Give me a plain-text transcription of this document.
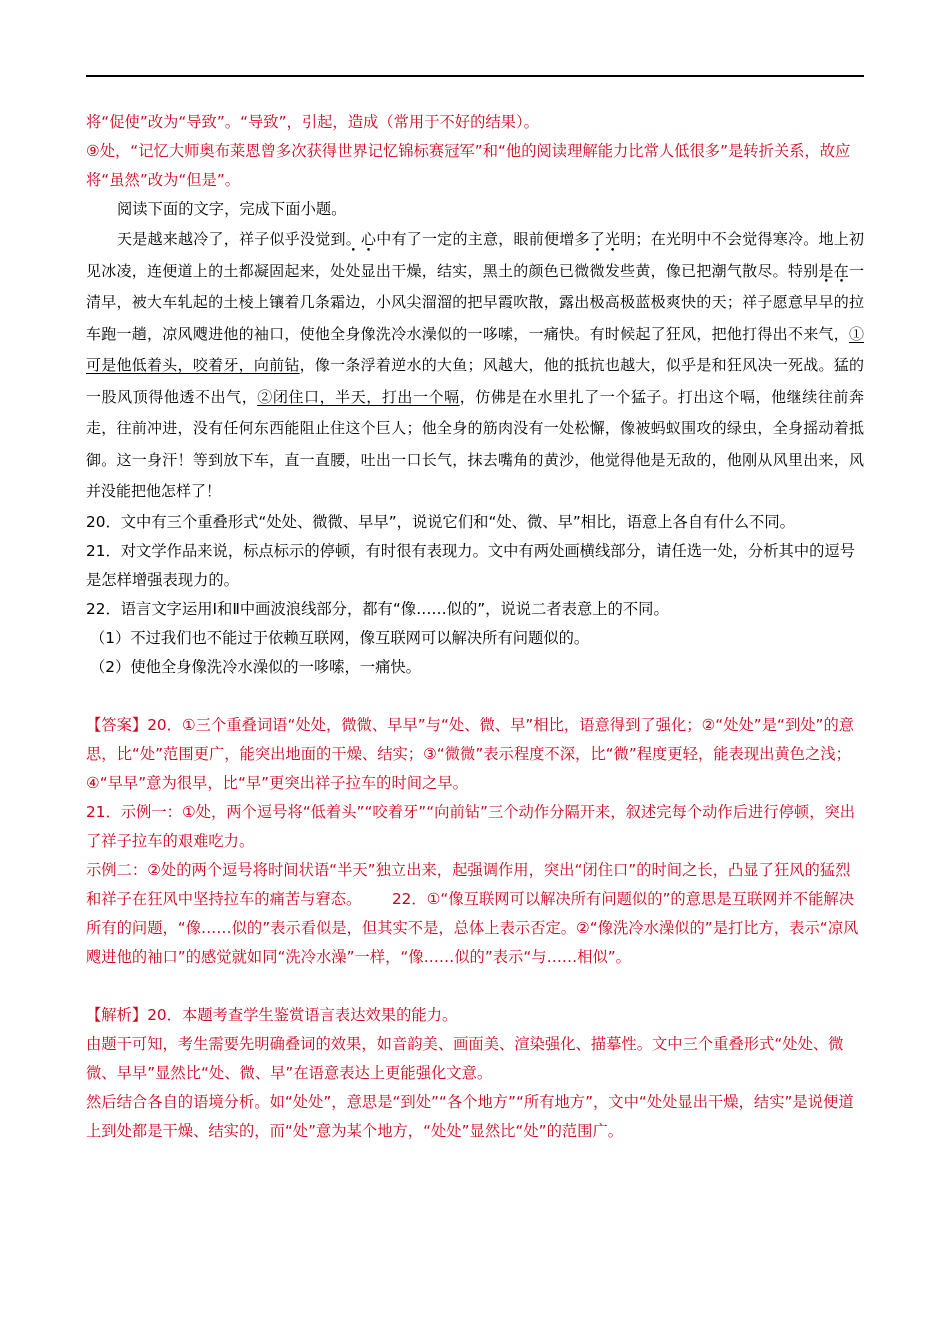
将“促使”改为“导致”。“导致”，引起，造成（常用于不好的结果）。

⑨处，“记忆大师奥布莱恩曾多次获得世界记忆锦标赛冠军”和“他的阅读理解能力比常人低很多”是转折关系，故应将“虽然”改为“但是”。

阅读下面的文字，完成下面小题。

天是越来越冷了，祥子似乎没觉到。心中有了一定的主意，眼前便增多了光明；在光明中不会觉得寒冷。地上初见冰凌，连便道上的土都凝固起来，处处显出干燥，结实，黑土的颜色已微微发些黄，像已把潮气散尽。特别是在一清早，被大车轧起的土棱上镶着几条霜边，小风尖溜溜的把早霞吹散，露出极高极蓝极爽快的天；祥子愿意早早的拉车跑一趟，凉风飕进他的袖口，使他全身像洗冷水澡似的一哆嗦，一痛快。有时候起了狂风，把他打得出不来气，①可是他低着头，咬着牙，向前钻，像一条浮着逆水的大鱼；风越大，他的抵抗也越大，似乎是和狂风决一死战。猛的一股风顶得他透不出气，②闭住口，半天，打出一个嗝，仿佛是在水里扎了一个猛子。打出这个嗝，他继续往前奔走，往前冲进，没有任何东西能阻止住这个巨人；他全身的筋肉没有一处松懈，像被蚂蚁围攻的绿虫，全身摇动着抵御。这一身汗！等到放下车，直一直腰，吐出一口长气，抹去嘴角的黄沙，他觉得他是无敌的，他刚从风里出来，风并没能把他怎样了！

20．文中有三个重叠形式“处处、微微、早早”，说说它们和“处、微、早”相比，语意上各自有什么不同。

21．对文学作品来说，标点标示的停顿，有时很有表现力。文中有两处画横线部分，请任选一处，分析其中的逗号是怎样增强表现力的。

22．语言文字运用Ⅰ和Ⅱ中画波浪线部分，都有“像……似的”，说说二者表意上的不同。

（1）不过我们也不能过于依赖互联网，像互联网可以解决所有问题似的。

（2）使他全身像洗冷水澡似的一哆嗦，一痛快。

【答案】20．①三个重叠词语“处处，微微、早早”与“处、微、早”相比，语意得到了强化；②“处处”是“到处”的意思，比“处”范围更广，能突出地面的干燥、结实；③“微微”表示程度不深，比“微”程度更轻，能表现出黄色之浅；④“早早”意为很早，比“早”更突出祥子拉车的时间之早。

21．示例一：①处，两个逗号将“低着头”“咬着牙”“向前钻”三个动作分隔开来，叙述完每个动作后进行停顿，突出了祥子拉车的艰难吃力。

示例二：②处的两个逗号将时间状语“半天”独立出来，起强调作用，突出“闭住口”的时间之长，凸显了狂风的猛烈和祥子在狂风中坚持拉车的痛苦与窘态。   22．①“像互联网可以解决所有问题似的”的意思是互联网并不能解决所有的问题，“像……似的”表示看似是，但其实不是，总体上表示否定。②“像洗冷水澡似的”是打比方，表示“凉风飕进他的袖口”的感觉就如同“洗冷水澡”一样，“像……似的”表示“与……相似”。

【解析】20．本题考查学生鉴赏语言表达效果的能力。

由题干可知，考生需要先明确叠词的效果，如音韵美、画面美、渲染强化、描摹性。文中三个重叠形式“处处、微微、早早”显然比“处、微、早”在语意表达上更能强化文意。

然后结合各自的语境分析。如“处处”，意思是“到处”“各个地方”“所有地方”，文中“处处显出干燥，结实”是说便道上到处都是干燥、结实的，而“处”意为某个地方，“处处”显然比“处”的范围广。
